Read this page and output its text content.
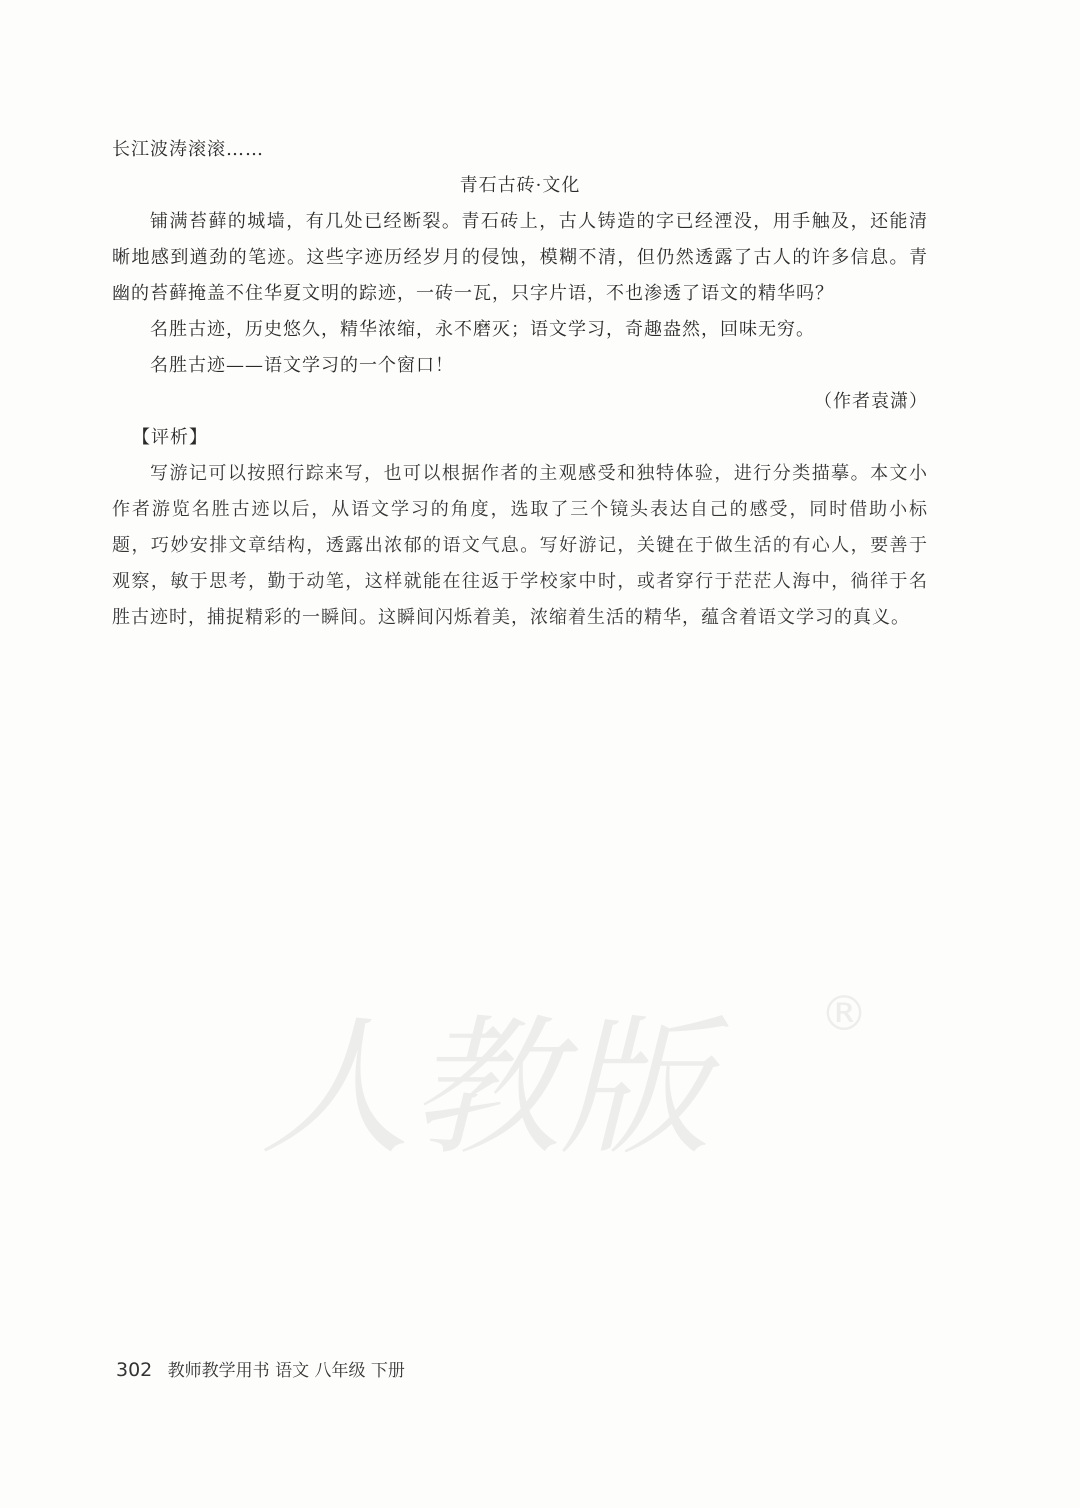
长江波涛滚滚……
青石古砖·文化
铺满苔藓的城墙，有几处已经断裂。青石砖上，古人铸造的字已经湮没，用手触及，还能清晰地感到遒劲的笔迹。这些字迹历经岁月的侵蚀，模糊不清，但仍然透露了古人的许多信息。青幽的苔藓掩盖不住华夏文明的踪迹，一砖一瓦，只字片语，不也渗透了语文的精华吗？
名胜古迹，历史悠久，精华浓缩，永不磨灭；语文学习，奇趣盎然，回味无穷。
名胜古迹——语文学习的一个窗口！
（作者袁潇）
【评析】
写游记可以按照行踪来写，也可以根据作者的主观感受和独特体验，进行分类描摹。本文小作者游览名胜古迹以后，从语文学习的角度，选取了三个镜头表达自己的感受，同时借助小标题，巧妙安排文章结构，透露出浓郁的语文气息。写好游记，关键在于做生活的有心人，要善于观察，敏于思考，勤于动笔，这样就能在往返于学校家中时，或者穿行于茫茫人海中，徜徉于名胜古迹时，捕捉精彩的一瞬间。这瞬间闪烁着美，浓缩着生活的精华，蕴含着语文学习的真义。
人教版	®
302 教师教学用书 语文 八年级 下册
